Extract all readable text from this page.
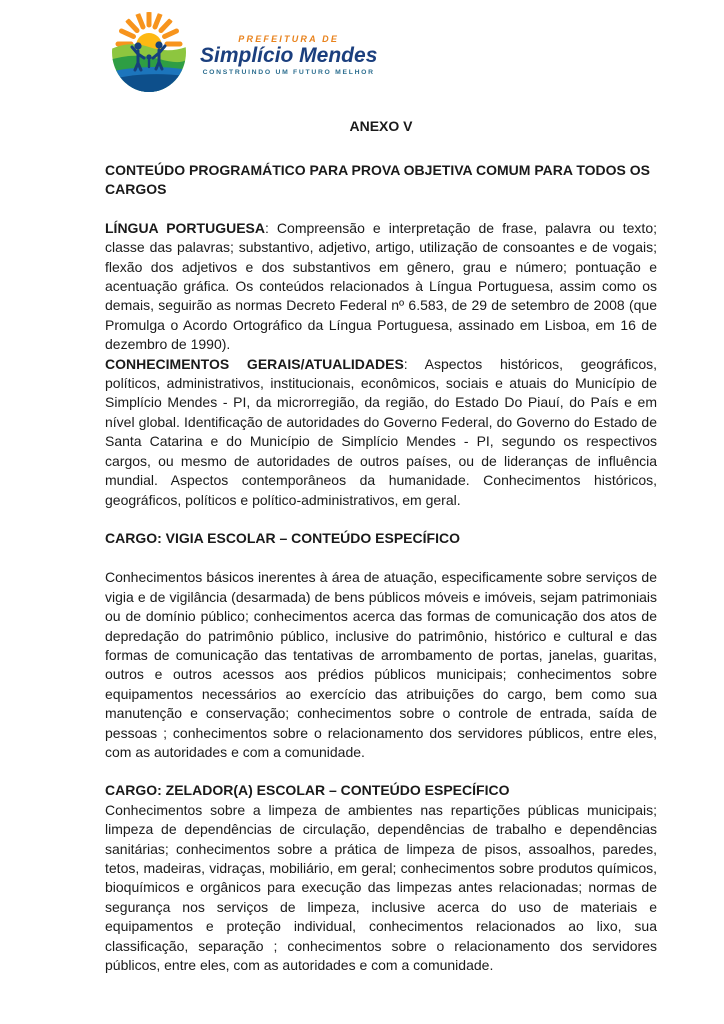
PREFEITURA DE
Simplício Mendes
CONSTRUINDO UM FUTURO MELHOR
ANEXO V
CONTEÚDO PROGRAMÁTICO PARA PROVA OBJETIVA COMUM PARA TODOS OS CARGOS

LÍNGUA PORTUGUESA: Compreensão e interpretação de frase, palavra ou texto; classe das palavras; substantivo, adjetivo, artigo, utilização de consoantes e de vogais; flexão dos adjetivos e dos substantivos em gênero, grau e número; pontuação e acentuação gráfica. Os conteúdos relacionados à Língua Portuguesa, assim como os demais, seguirão as normas Decreto Federal nº 6.583, de 29 de setembro de 2008 (que Promulga o Acordo Ortográfico da Língua Portuguesa, assinado em Lisboa, em 16 de dezembro de 1990).

CONHECIMENTOS GERAIS/ATUALIDADES: Aspectos históricos, geográficos, políticos, administrativos, institucionais, econômicos, sociais e atuais do Município de Simplício Mendes - PI, da microrregião, da região, do Estado Do Piauí, do País e em nível global. Identificação de autoridades do Governo Federal, do Governo do Estado de Santa Catarina e do Município de Simplício Mendes - PI, segundo os respectivos cargos, ou mesmo de autoridades de outros países, ou de lideranças de influência mundial. Aspectos contemporâneos da humanidade. Conhecimentos históricos, geográficos, políticos e político-administrativos, em geral.

CARGO: VIGIA ESCOLAR – CONTEÚDO ESPECÍFICO

Conhecimentos básicos inerentes à área de atuação, especificamente sobre serviços de vigia e de vigilância (desarmada) de bens públicos móveis e imóveis, sejam patrimoniais ou de domínio público; conhecimentos acerca das formas de comunicação dos atos de depredação do patrimônio público, inclusive do patrimônio, histórico e cultural e das formas de comunicação das tentativas de arrombamento de portas, janelas, guaritas, outros e outros acessos aos prédios públicos municipais; conhecimentos sobre equipamentos necessários ao exercício das atribuições do cargo, bem como sua manutenção e conservação; conhecimentos sobre o controle de entrada, saída de pessoas ; conhecimentos sobre o relacionamento dos servidores públicos, entre eles, com as autoridades e com a comunidade.

CARGO: ZELADOR(A) ESCOLAR – CONTEÚDO ESPECÍFICO

Conhecimentos sobre a limpeza de ambientes nas repartições públicas municipais; limpeza de dependências de circulação, dependências de trabalho e dependências sanitárias; conhecimentos sobre a prática de limpeza de pisos, assoalhos, paredes, tetos, madeiras, vidraças, mobiliário, em geral; conhecimentos sobre produtos químicos, bioquímicos e orgânicos para execução das limpezas antes relacionadas; normas de segurança nos serviços de limpeza, inclusive acerca do uso de materiais e equipamentos e proteção individual, conhecimentos relacionados ao lixo, sua classificação, separação ; conhecimentos sobre o relacionamento dos servidores públicos, entre eles, com as autoridades e com a comunidade.
